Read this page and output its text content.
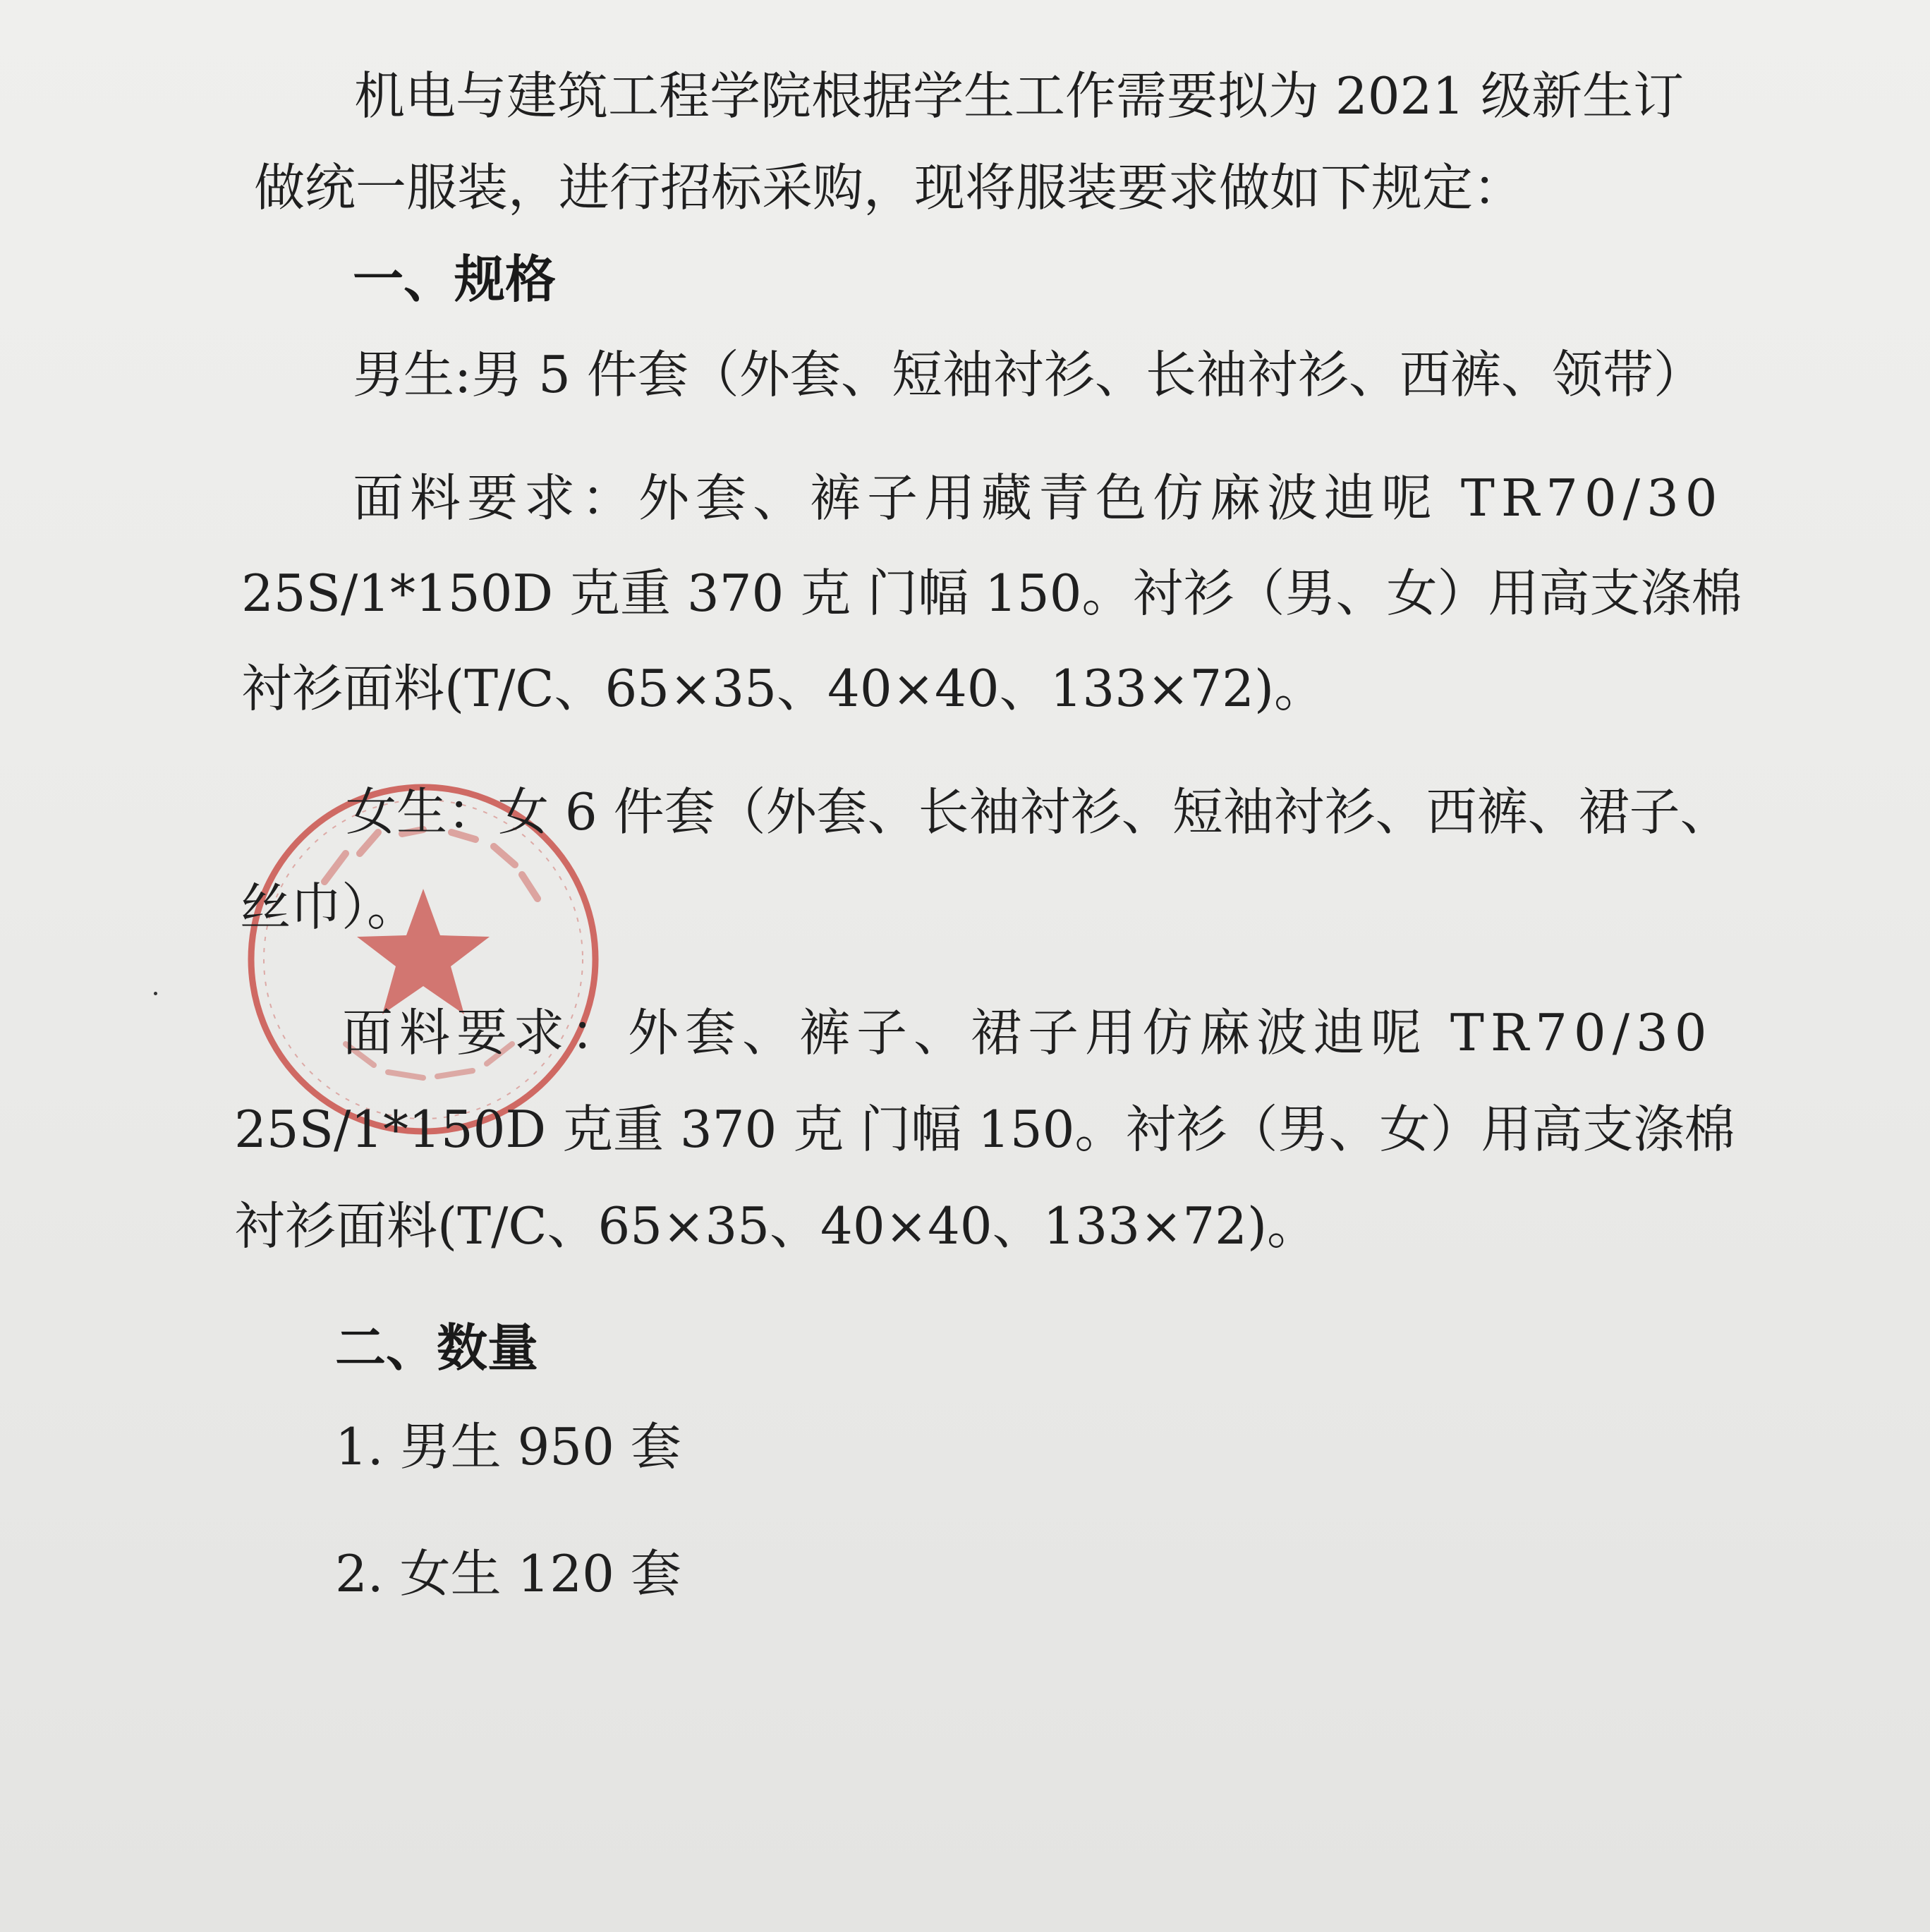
机电与建筑工程学院根据学生工作需要拟为 2021 级新生订

做统一服装，进行招标采购，现将服装要求做如下规定：

一、规格

男生:男 5 件套（外套、短袖衬衫、长袖衬衫、西裤、领带）

面料要求：外套、裤子用藏青色仿麻波迪呢 TR70/30

25S/1*150D 克重 370 克 门幅 150。衬衫（男、女）用高支涤棉

衬衫面料(T/C、65×35、40×40、133×72)。

女生：女 6 件套（外套、长袖衬衫、短袖衬衫、西裤、裙子、

丝巾）。

面料要求：外套、裤子、裙子用仿麻波迪呢 TR70/30

25S/1*150D 克重 370 克 门幅 150。衬衫（男、女）用高支涤棉

衬衫面料(T/C、65×35、40×40、133×72)。

二、数量

1. 男生 950 套

2. 女生 120 套
